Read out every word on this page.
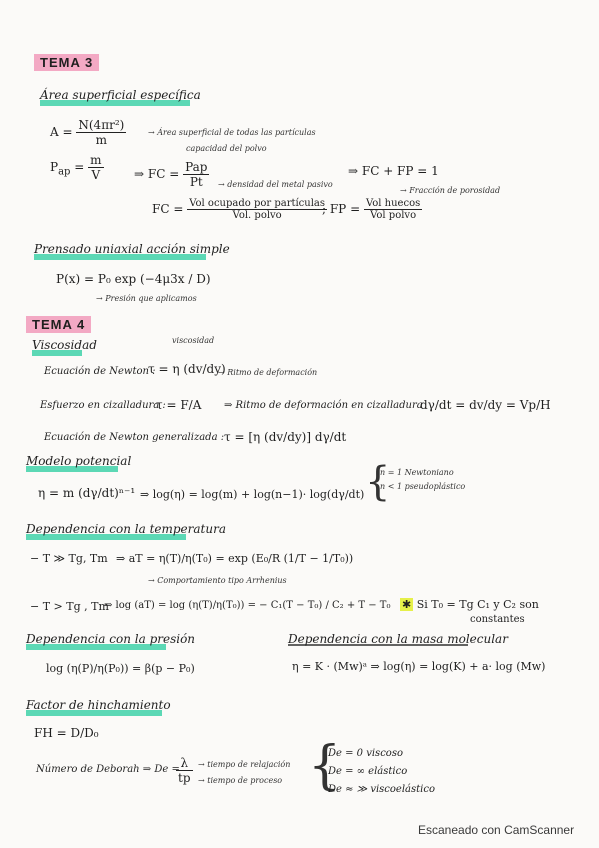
TEMA 3
Área superficial específica
$A = \frac{\text{N(4πr²)}}{m}$	→ Área superficial de todas las partículas
$P_{ap} = \frac{m}{V}$
capacidad del polvo
⇒ FC = $\frac{\text{Pap}}{Pt}$ → densidad del metal pasivo
⇒ FC + FP = 1
→ Fracción de porosidad
FC = $\frac{\text{Vol ocupado por partículas}}{\text{Vol. polvo}}$
; FP = $\frac{\text{Vol huecos}}{\text{Vol polvo}}$
Prensado uniaxial acción simple
P(x) = P₀ exp (−4μ3x / D)
→ Presión que aplicamos
TEMA 4
Viscosidad	viscosidad
Ecuación de Newton :
τ = η (dv/dy)
→ Ritmo de deformación
Esfuerzo en cizalladura :
τ = F/A ⇒ Ritmo de deformación en cizalladura
dγ/dt = dv/dy = Vp/H
Ecuación de Newton generalizada : τ = [η (dv/dy)] dγ/dt
Modelo potencial
η = m (dγ/dt)ⁿ⁻¹ ⇒ log(η) = log(m) + log(n−1)· log(dγ/dt) {
n = 1 Newtoniano
n < 1 pseudoplástico
Dependencia con la temperatura
− T ≫ Tg, Tm ⇒ aT = η(T)/η(T₀) = exp (E₀/R (1/T − 1/T₀))
→ Comportamiento tipo Arrhenius
− T > Tg , Tm
⇒ log (aT) = log (η(T)/η(T₀)) = − C₁(T − T₀) / C₂ + T − T₀ ✱ Si T₀ = Tg C₁ y C₂ son
constantes
Dependencia con la presión
log (η(P)/η(P₀)) = β(p − P₀)
Dependencia con la masa molecular
η = K · (Mw)ᵃ ⇒ log(η) = log(K) + a· log (Mw)
Factor de hinchamiento
FH = D/D₀
Número de Deborah ⇒ De =
$\frac{\lambda}{tp}$ → tiempo de relajación
→ tiempo de proceso {
De = 0 viscoso
De = ∞ elástico
De ≈ ≫ viscoelástico
Escaneado con CamScanner
